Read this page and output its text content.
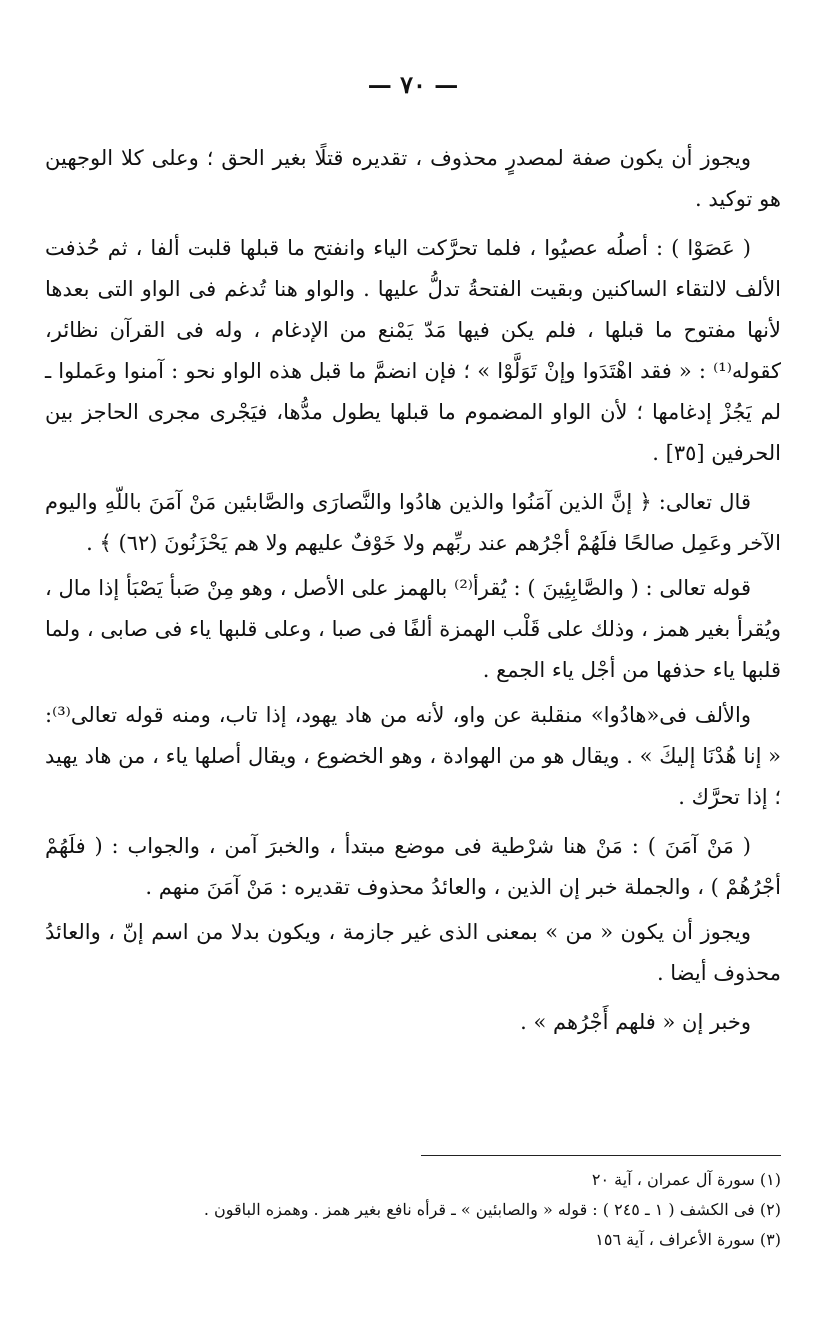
— ٧٠ —

ويجوز أن يكون صفة لمصدرٍ محذوف ، تقديره قتلًا بغير الحق ؛ وعلى كلا الوجهين هو توكيد .

( عَصَوْا ) : أصلُه عصيُوا ، فلما تحرَّكت الياء وانفتح ما قبلها قلبت ألفا ، ثم حُذفت الألف لالتقاء الساكنين وبقيت الفتحةُ تدلُّ عليها . والواو هنا تُدغم فى الواو التى بعدها لأنها مفتوح ما قبلها ، فلم يكن فيها مَدّ يَمْنع من الإدغام ، وله فى القرآن نظائر، كقوله⁽¹⁾ : « فقد اهْتَدَوا وإنْ تَوَلَّوْا » ؛ فإن انضمَّ ما قبل هذه الواو نحو : آمنوا وعَملوا ـ لم يَجُزْ إدغامها ؛ لأن الواو المضموم ما قبلها يطول مدُّها، فيَجْرى مجرى الحاجز بين الحرفين [٣٥] .

قال تعالى: ﴿ إنَّ الذين آمَنُوا والذين هادُوا والنَّصارَى والصَّابئين مَنْ آمَنَ باللّهِ واليوم الآخر وعَمِل صالحًا فلَهُمْ أجْرُهم عند ربِّهم ولا خَوْفٌ عليهم ولا هم يَحْزَنُونَ (٦٢) ﴾ .

قوله تعالى : ( والصَّابِئِينَ ) : يُقرأ⁽²⁾ بالهمز على الأصل ، وهو مِنْ صَبأ يَصْبَأ إذا مال ، ويُقرأ بغير همز ، وذلك على قَلْب الهمزة ألفًا فى صبا ، وعلى قلبها ياء فى صابى ، ولما قلبها ياء حذفها من أجْل ياء الجمع .

والألف فى«هادُوا» منقلبة عن واو، لأنه من هاد يهود، إذا تاب، ومنه قوله تعالى⁽³⁾: « إنا هُدْنَا إليكَ » . ويقال هو من الهوادة ، وهو الخضوع ، ويقال أصلها ياء ، من هاد يهيد ؛ إذا تحرَّك .

( مَنْ آمَنَ ) : مَنْ هنا شرْطية فى موضع مبتدأ ، والخبرَ آمن ، والجواب : ( فلَهُمْ أجْرُهُمْ ) ، والجملة خبر إن الذين ، والعائدُ محذوف تقديره : مَنْ آمَنَ منهم .

ويجوز أن يكون « من » بمعنى الذى غير جازمة ، ويكون بدلا من اسم إنّ ، والعائدُ محذوف أيضا .

وخبر إن « فلهم أَجْرُهم » .

(١) سورة آل عمران ، آية ٢٠
(٢) فى الكشف ( ١ ـ ٢٤٥ ) : قوله « والصابئين » ـ قرأه نافع بغير همز . وهمزه الباقون .
(٣) سورة الأعراف ، آية ١٥٦
